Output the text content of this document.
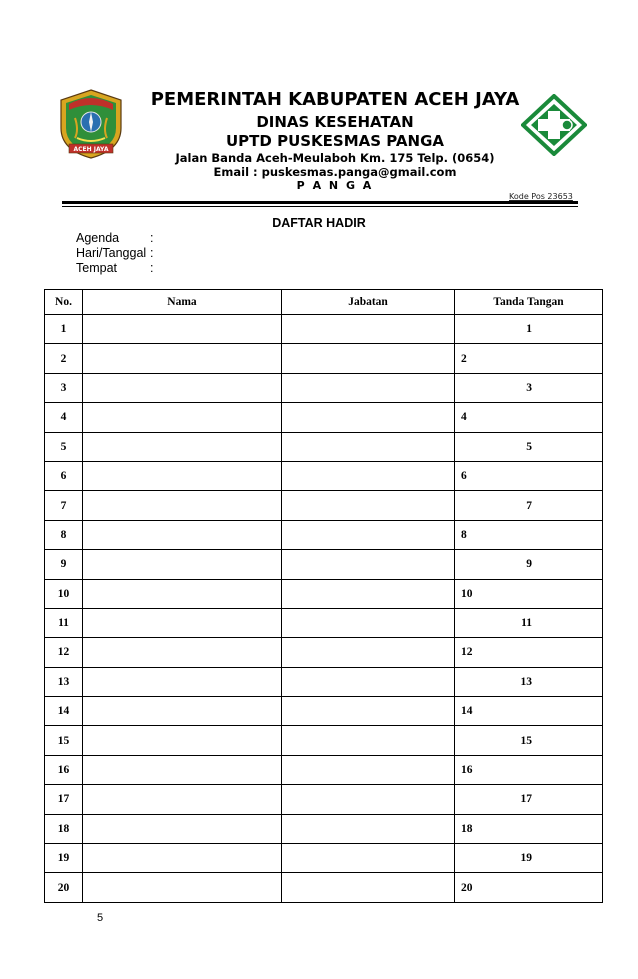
ACEH JAYA
PEMERINTAH KABUPATEN ACEH JAYA
DINAS KESEHATAN
UPTD PUSKESMAS PANGA
Jalan Banda Aceh-Meulaboh Km. 175 Telp. (0654)
Email : puskesmas.panga@gmail.com
P A N G A
Kode Pos 23653
DAFTAR HADIR
Agenda :
Hari/Tanggal :
Tempat	:
No.	Nama	Jabatan	Tanda Tangan
1			1
2			2
3			3
4			4
5			5
6			6
7			7
8			8
9			9
10			10
11			11
12			12
13			13
14			14
15			15
16			16
17			17
18			18
19			19
20			20
5
